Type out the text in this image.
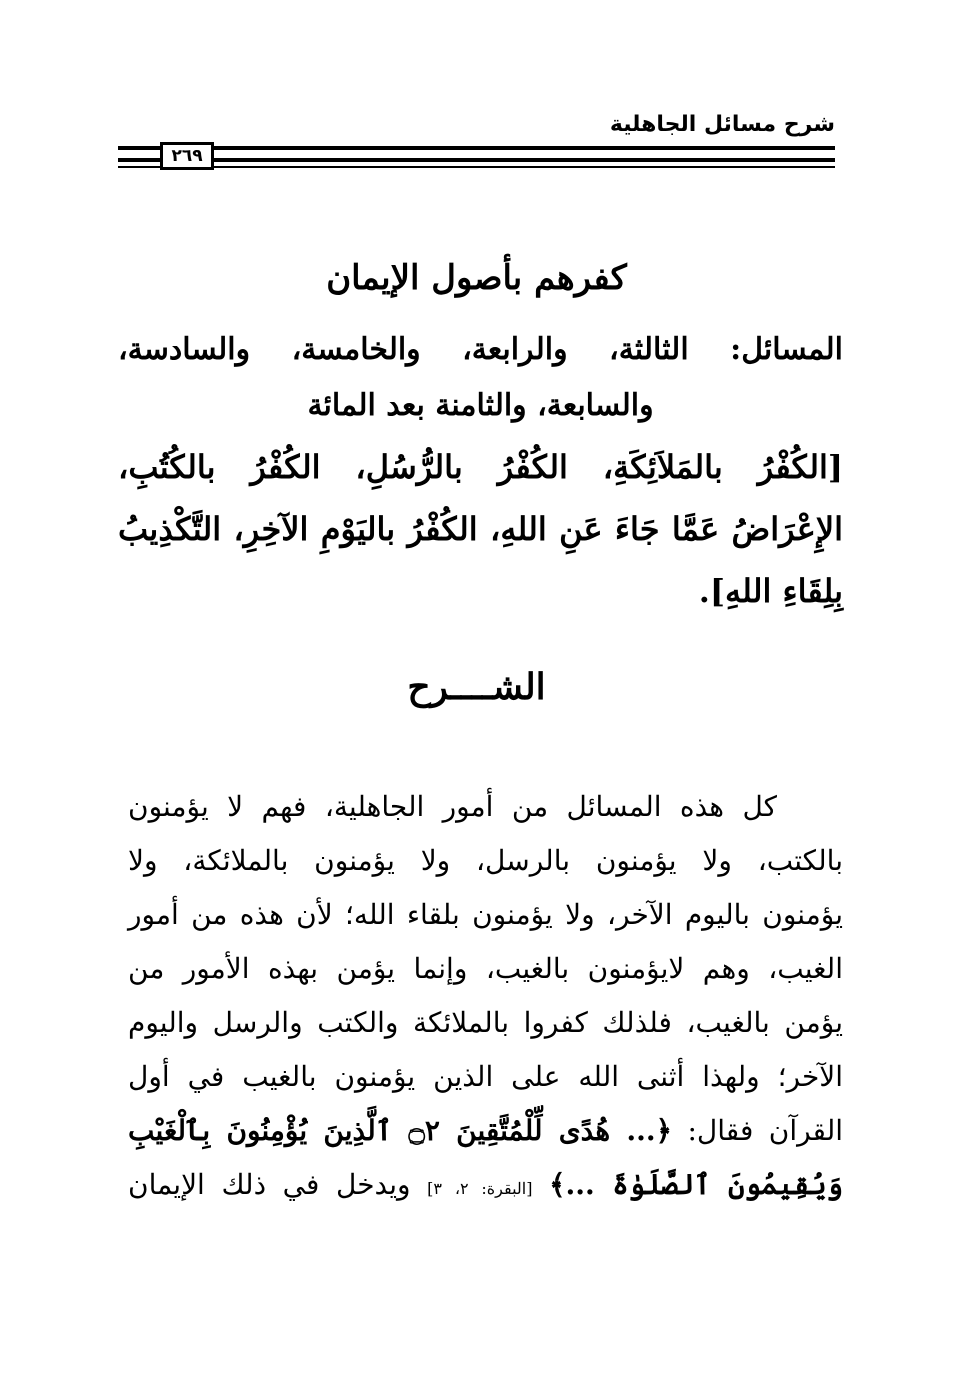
شرح مسائل الجاهلية
٢٦٩
كفرهم بأصول الإيمان
المسائل: الثالثة، والرابعة، والخامسة، والسادسة،
والسابعة، والثامنة بعد المائة
[الكُفْرُ بالمَلاَئِكَةِ، الكُفْرُ بالرُّسُلِ، الكُفْرُ بالكُتُبِ، الإِعْرَاضُ عَمَّا جَاءَ عَنِ اللهِ، الكُفْرُ باليَوْمِ الآخِرِ، التَّكْذِيبُ بِلِقَاءِ اللهِ].
الشــــرح
كل هذه المسائل من أمور الجاهلية، فهم لا يؤمنون
بالكتب، ولا يؤمنون بالرسل، ولا يؤمنون بالملائكة، ولا
يؤمنون باليوم الآخر، ولا يؤمنون بلقاء الله؛ لأن هذه من أمور
الغيب، وهم لايؤمنون بالغيب، وإنما يؤمن بهذه الأمور من
يؤمن بالغيب، فلذلك كفروا بالملائكة والكتب والرسل واليوم
الآخر؛ ولهذا أثنى الله على الذين يؤمنون بالغيب في أول
القرآن فقال: ﴿... هُدًى لِّلْمُتَّقِينَ ۝٢ ٱلَّذِينَ يُؤْمِنُونَ بِٱلْغَيْبِ
وَيُقِيمُونَ ٱلصَّلَوٰةَ ...﴾ [البقرة: ٢، ٣] ويدخل في ذلك الإيمان
